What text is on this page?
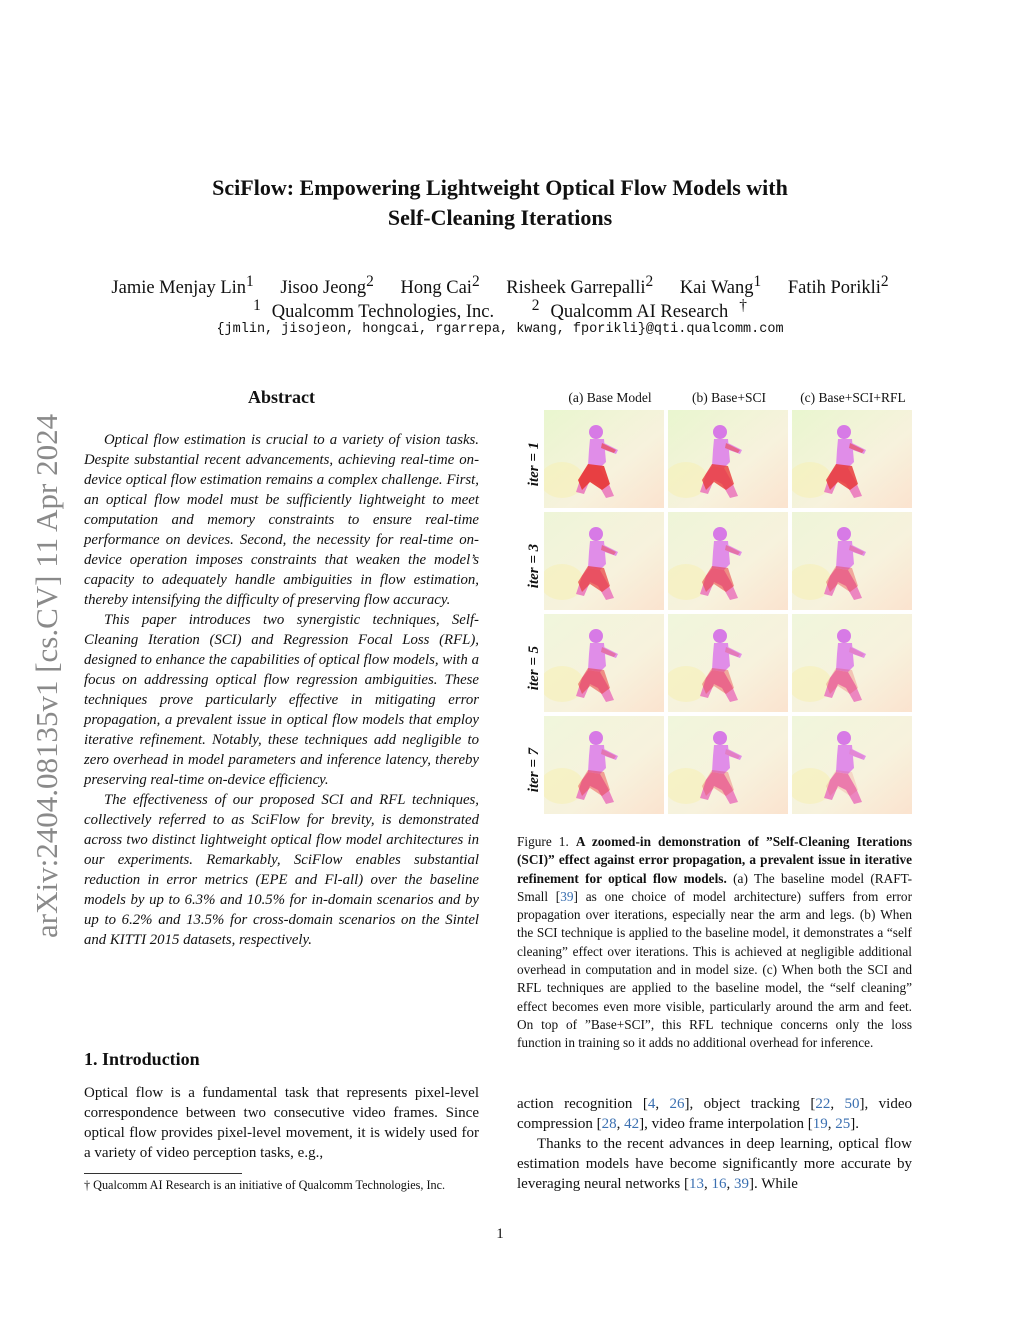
SciFlow: Empowering Lightweight Optical Flow Models with
Self-Cleaning Iterations
Jamie Menjay Lin$^1$ Jisoo Jeong$^2$ Hong Cai$^2$ Risheek Garrepalli$^2$ Kai Wang$^1$ Fatih Porikli$^2$
$^1$ Qualcomm Technologies, Inc. $^2$ Qualcomm AI Research †
{jmlin, jisojeon, hongcai, rgarrepa, kwang, fporikli}@qti.qualcomm.com
arXiv:2404.08135v1 [cs.CV] 11 Apr 2024
Abstract

Optical flow estimation is crucial to a variety of vision tasks. Despite substantial recent advancements, achieving real-time on-device optical flow estimation remains a complex challenge. First, an optical flow model must be sufficiently lightweight to meet computation and memory constraints to ensure real-time performance on devices. Second, the necessity for real-time on-device operation imposes constraints that weaken the model’s capacity to adequately handle ambiguities in flow estimation, thereby intensifying the difficulty of preserving flow accuracy.

This paper introduces two synergistic techniques, Self-Cleaning Iteration (SCI) and Regression Focal Loss (RFL), designed to enhance the capabilities of optical flow models, with a focus on addressing optical flow regression ambiguities. These techniques prove particularly effective in mitigating error propagation, a prevalent issue in optical flow models that employ iterative refinement. Notably, these techniques add negligible to zero overhead in model parameters and inference latency, thereby preserving real-time on-device efficiency.

The effectiveness of our proposed SCI and RFL techniques, collectively referred to as SciFlow for brevity, is demonstrated across two distinct lightweight optical flow model architectures in our experiments. Remarkably, SciFlow enables substantial reduction in error metrics (EPE and Fl-all) over the baseline models by up to 6.3% and 10.5% for in-domain scenarios and by up to 6.2% and 13.5% for cross-domain scenarios on the Sintel and KITTI 2015 datasets, respectively.

1. Introduction

Optical flow is a fundamental task that represents pixel-level correspondence between two consecutive video frames. Since optical flow provides pixel-level movement, it is widely used for a variety of video perception tasks, e.g.,

† Qualcomm AI Research is an initiative of Qualcomm Technologies, Inc.
(a) Base Model	(b) Base+SCI	(c) Base+SCI+RFL
iter = 1
iter = 3
iter = 5
iter = 7

Figure 1. A zoomed-in demonstration of ”Self-Cleaning Iterations (SCI)” effect against error propagation, a prevalent issue in iterative refinement for optical flow models. (a) The baseline model (RAFT-Small [39] as one choice of model architecture) suffers from error propagation over iterations, especially near the arm and legs. (b) When the SCI technique is applied to the baseline model, it demonstrates a “self cleaning” effect over iterations. This is achieved at negligible additional overhead in computation and in model size. (c) When both the SCI and RFL techniques are applied to the baseline model, the “self cleaning” effect becomes even more visible, particularly around the arm and feet. On top of ”Base+SCI”, this RFL technique concerns only the loss function in training so it adds no additional overhead for inference.

action recognition [4, 26], object tracking [22, 50], video compression [28, 42], video frame interpolation [19, 25].
Thanks to the recent advances in deep learning, optical flow estimation models have become significantly more accurate by leveraging neural networks [13, 16, 39]. While

1
